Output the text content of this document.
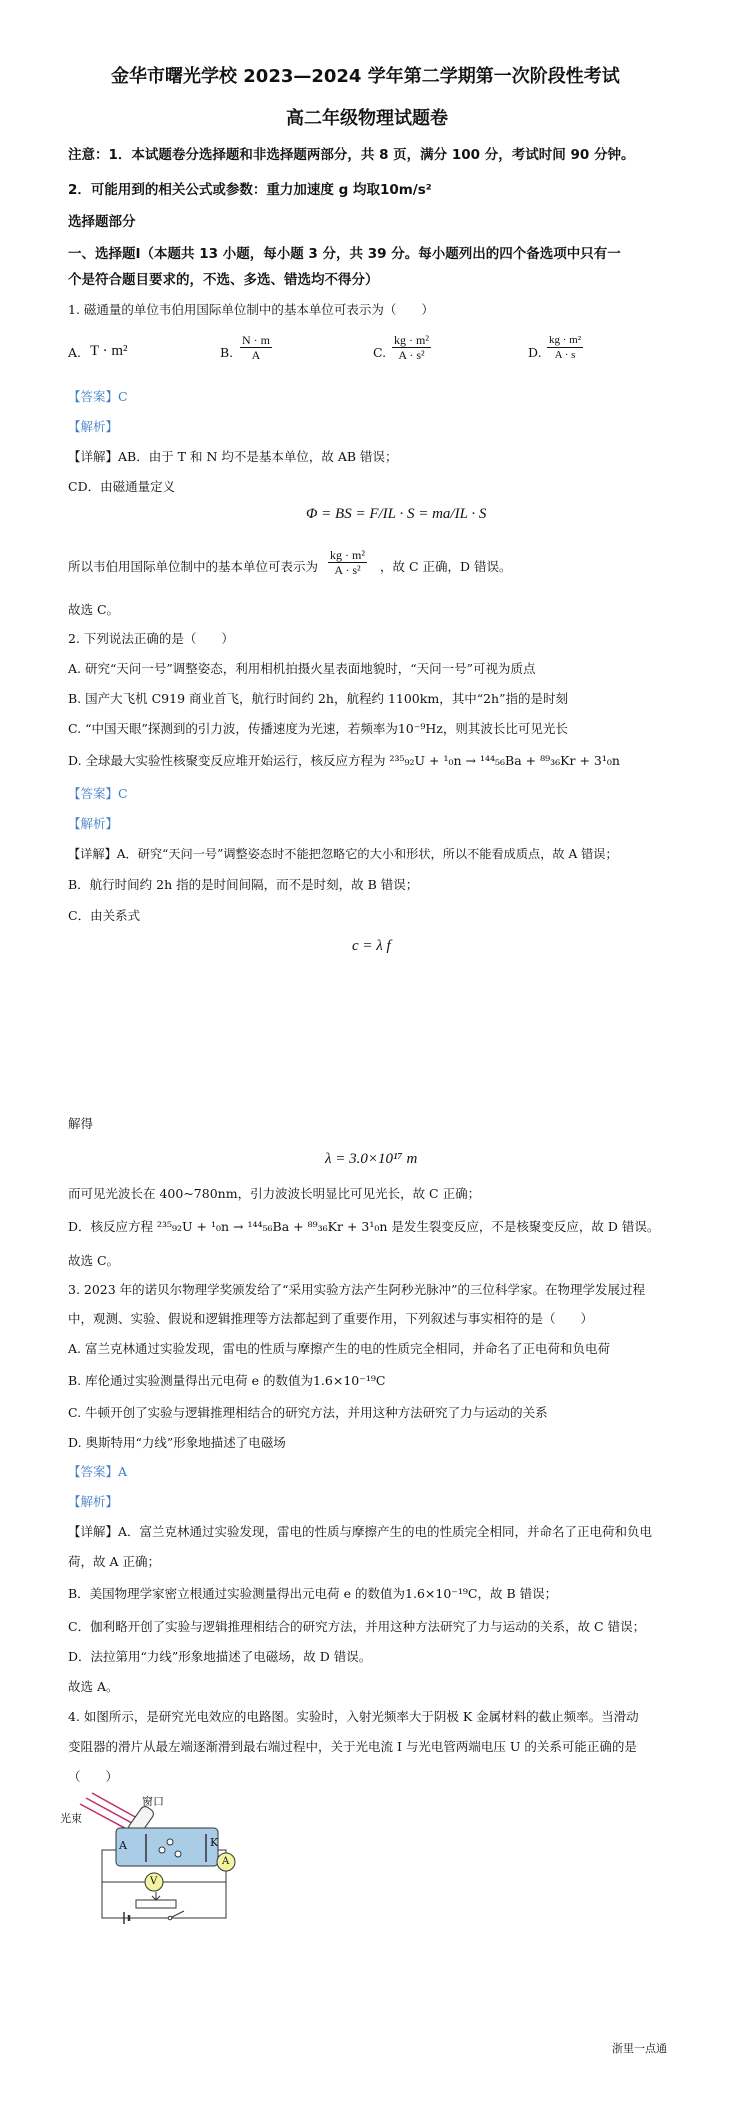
金华市曙光学校 2023—2024 学年第二学期第一次阶段性考试
高二年级物理试题卷
注意：1．本试题卷分选择题和非选择题两部分，共 8 页，满分 100 分，考试时间 90 分钟。
2．可能用到的相关公式或参数：重力加速度 g 均取10m/s²
选择题部分
一、选择题Ⅰ（本题共 13 小题，每小题 3 分，共 39 分。每小题列出的四个备选项中只有一
个是符合题目要求的，不选、多选、错选均不得分）
1. 磁通量的单位韦伯用国际单位制中的基本单位可表示为（　　）
A. T · m²	B. $\frac{N \cdot m}{A}$	C. $\frac{\text{kg · m²}}{\text{A · s²}}$	D. $\frac{\text{kg · m²}}{A \cdot s}$
【答案】C
【解析】
【详解】AB．由于 T 和 N 均不是基本单位，故 AB 错误；
CD．由磁通量定义
Φ = BS = F/IL · S = ma/IL · S
所以韦伯用国际单位制中的基本单位可表示为 $\frac{\text{kg · m²}}{\text{A · s²}}$ ，故 C 正确，D 错误。
故选 C。
2. 下列说法正确的是（　　）
A. 研究“天问一号”调整姿态，利用相机拍摄火星表面地貌时，“天问一号”可视为质点
B. 国产大飞机 C919 商业首飞，航行时间约 2h，航程约 1100km，其中“2h”指的是时刻
C. “中国天眼”探测到的引力波，传播速度为光速，若频率为10⁻⁹Hz，则其波长比可见光长
D. 全球最大实验性核聚变反应堆开始运行，核反应方程为 ²³⁵₉₂U + ¹₀n → ¹⁴⁴₅₆Ba + ⁸⁹₃₆Kr + 3¹₀n
【答案】C
【解析】
【详解】A．研究“天问一号”调整姿态时不能把忽略它的大小和形状，所以不能看成质点，故 A 错误；
B．航行时间约 2h 指的是时间间隔，而不是时刻，故 B 错误；
C．由关系式
c = λ f
解得
λ = 3.0×10¹⁷ m
而可见光波长在 400~780nm，引力波波长明显比可见光长，故 C 正确；
D．核反应方程 ²³⁵₉₂U + ¹₀n → ¹⁴⁴₅₆Ba + ⁸⁹₃₆Kr + 3¹₀n 是发生裂变反应，不是核聚变反应，故 D 错误。
故选 C。
3. 2023 年的诺贝尔物理学奖颁发给了“采用实验方法产生阿秒光脉冲”的三位科学家。在物理学发展过程
中，观测、实验、假说和逻辑推理等方法都起到了重要作用，下列叙述与事实相符的是（　　）
A. 富兰克林通过实验发现，雷电的性质与摩擦产生的电的性质完全相同，并命名了正电荷和负电荷
B. 库伦通过实验测量得出元电荷 e 的数值为1.6×10⁻¹⁹C
C. 牛顿开创了实验与逻辑推理相结合的研究方法，并用这种方法研究了力与运动的关系
D. 奥斯特用“力线”形象地描述了电磁场
【答案】A
【解析】
【详解】A．富兰克林通过实验发现，雷电的性质与摩擦产生的电的性质完全相同，并命名了正电荷和负电
荷，故 A 正确；
B．美国物理学家密立根通过实验测量得出元电荷 e 的数值为1.6×10⁻¹⁹C，故 B 错误；
C．伽利略开创了实验与逻辑推理相结合的研究方法，并用这种方法研究了力与运动的关系，故 C 错误；
D．法拉第用“力线”形象地描述了电磁场，故 D 错误。
故选 A。
4. 如图所示，是研究光电效应的电路图。实验时，入射光频率大于阴极 K 金属材料的截止频率。当滑动
变阻器的滑片从最左端逐渐滑到最右端过程中，关于光电流 I 与光电管两端电压 U 的关系可能正确的是
（　　）
光束
窗口
A	K
V
A
浙里一点通
